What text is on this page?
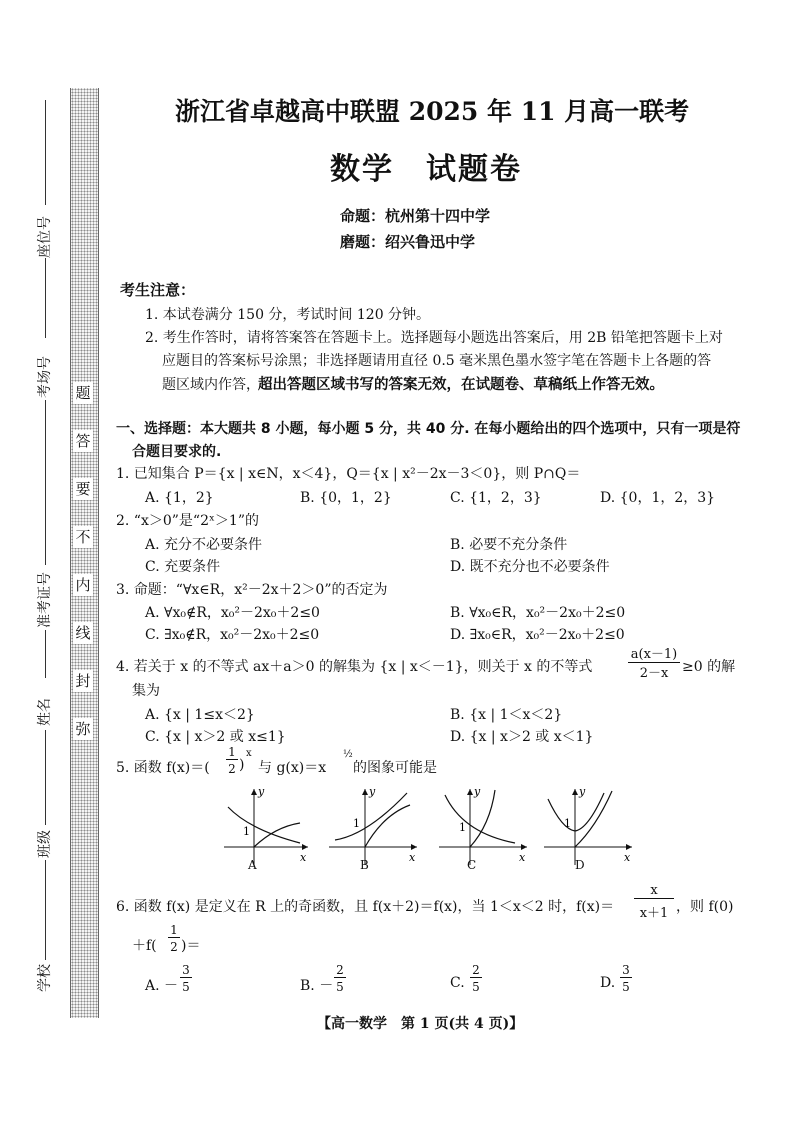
题
答
要
不
内
线
封
弥
座位号
考场号
准考证号
姓名
班级
学校
浙江省卓越高中联盟 2025 年 11 月高一联考
数学　试题卷
命题：杭州第十四中学
磨题：绍兴鲁迅中学
考生注意：
1. 本试卷满分 150 分，考试时间 120 分钟。
2. 考生作答时，请将答案答在答题卡上。选择题每小题选出答案后，用 2B 铅笔把答题卡上对
应题目的答案标号涂黑；非选择题请用直径 0.5 毫米黑色墨水签字笔在答题卡上各题的答
题区域内作答，
超出答题区域书写的答案无效，在试题卷、草稿纸上作答无效。
一、选择题：本大题共 8 小题，每小题 5 分，共 40 分. 在每小题给出的四个选项中，只有一项是符
合题目要求的.
1. 已知集合 P＝{x | x∈N，x＜4}，Q＝{x | x²－2x－3＜0}，则 P∩Q＝
A. {1，2}	B. {0，1，2}	C. {1，2，3}	D. {0，1，2，3}
2. “x＞0”是“2ˣ＞1”的
A. 充分不必要条件	B. 必要不充分条件
C. 充要条件	D. 既不充分也不必要条件
3. 命题：“∀x∈R，x²－2x＋2＞0”的否定为
A. ∀x₀∉R，x₀²－2x₀＋2≤0	B. ∀x₀∈R，x₀²－2x₀＋2≤0
C. ∃x₀∉R，x₀²－2x₀＋2≤0	D. ∃x₀∈R，x₀²－2x₀＋2≤0
4. 若关于 x 的不等式 ax＋a＞0 的解集为 {x | x＜－1}，则关于 x 的不等式
a(x－1)
2－x ≥0 的解
集为
A. {x | 1≤x＜2}	B. {x | 1＜x＜2}
C. {x | x＞2 或 x≤1}	D. {x | x＞2 或 x＜1}
5. 函数 f(x)＝(
1
2 )
x
与 g(x)＝x
½
的图象可能是
y
x
1
A
y
x
1
B
y
x
1
C
y
x
1
D
6. 函数 f(x) 是定义在 R 上的奇函数，且 f(x＋2)＝f(x)，当 1＜x＜2 时，f(x)＝
x
x＋1 ，则 f(0)
＋f(
1
2 )＝
A. －
3
5	B. －
2
5	C.
2
5	D.
3
5
【高一数学　第 1 页(共 4 页)】
